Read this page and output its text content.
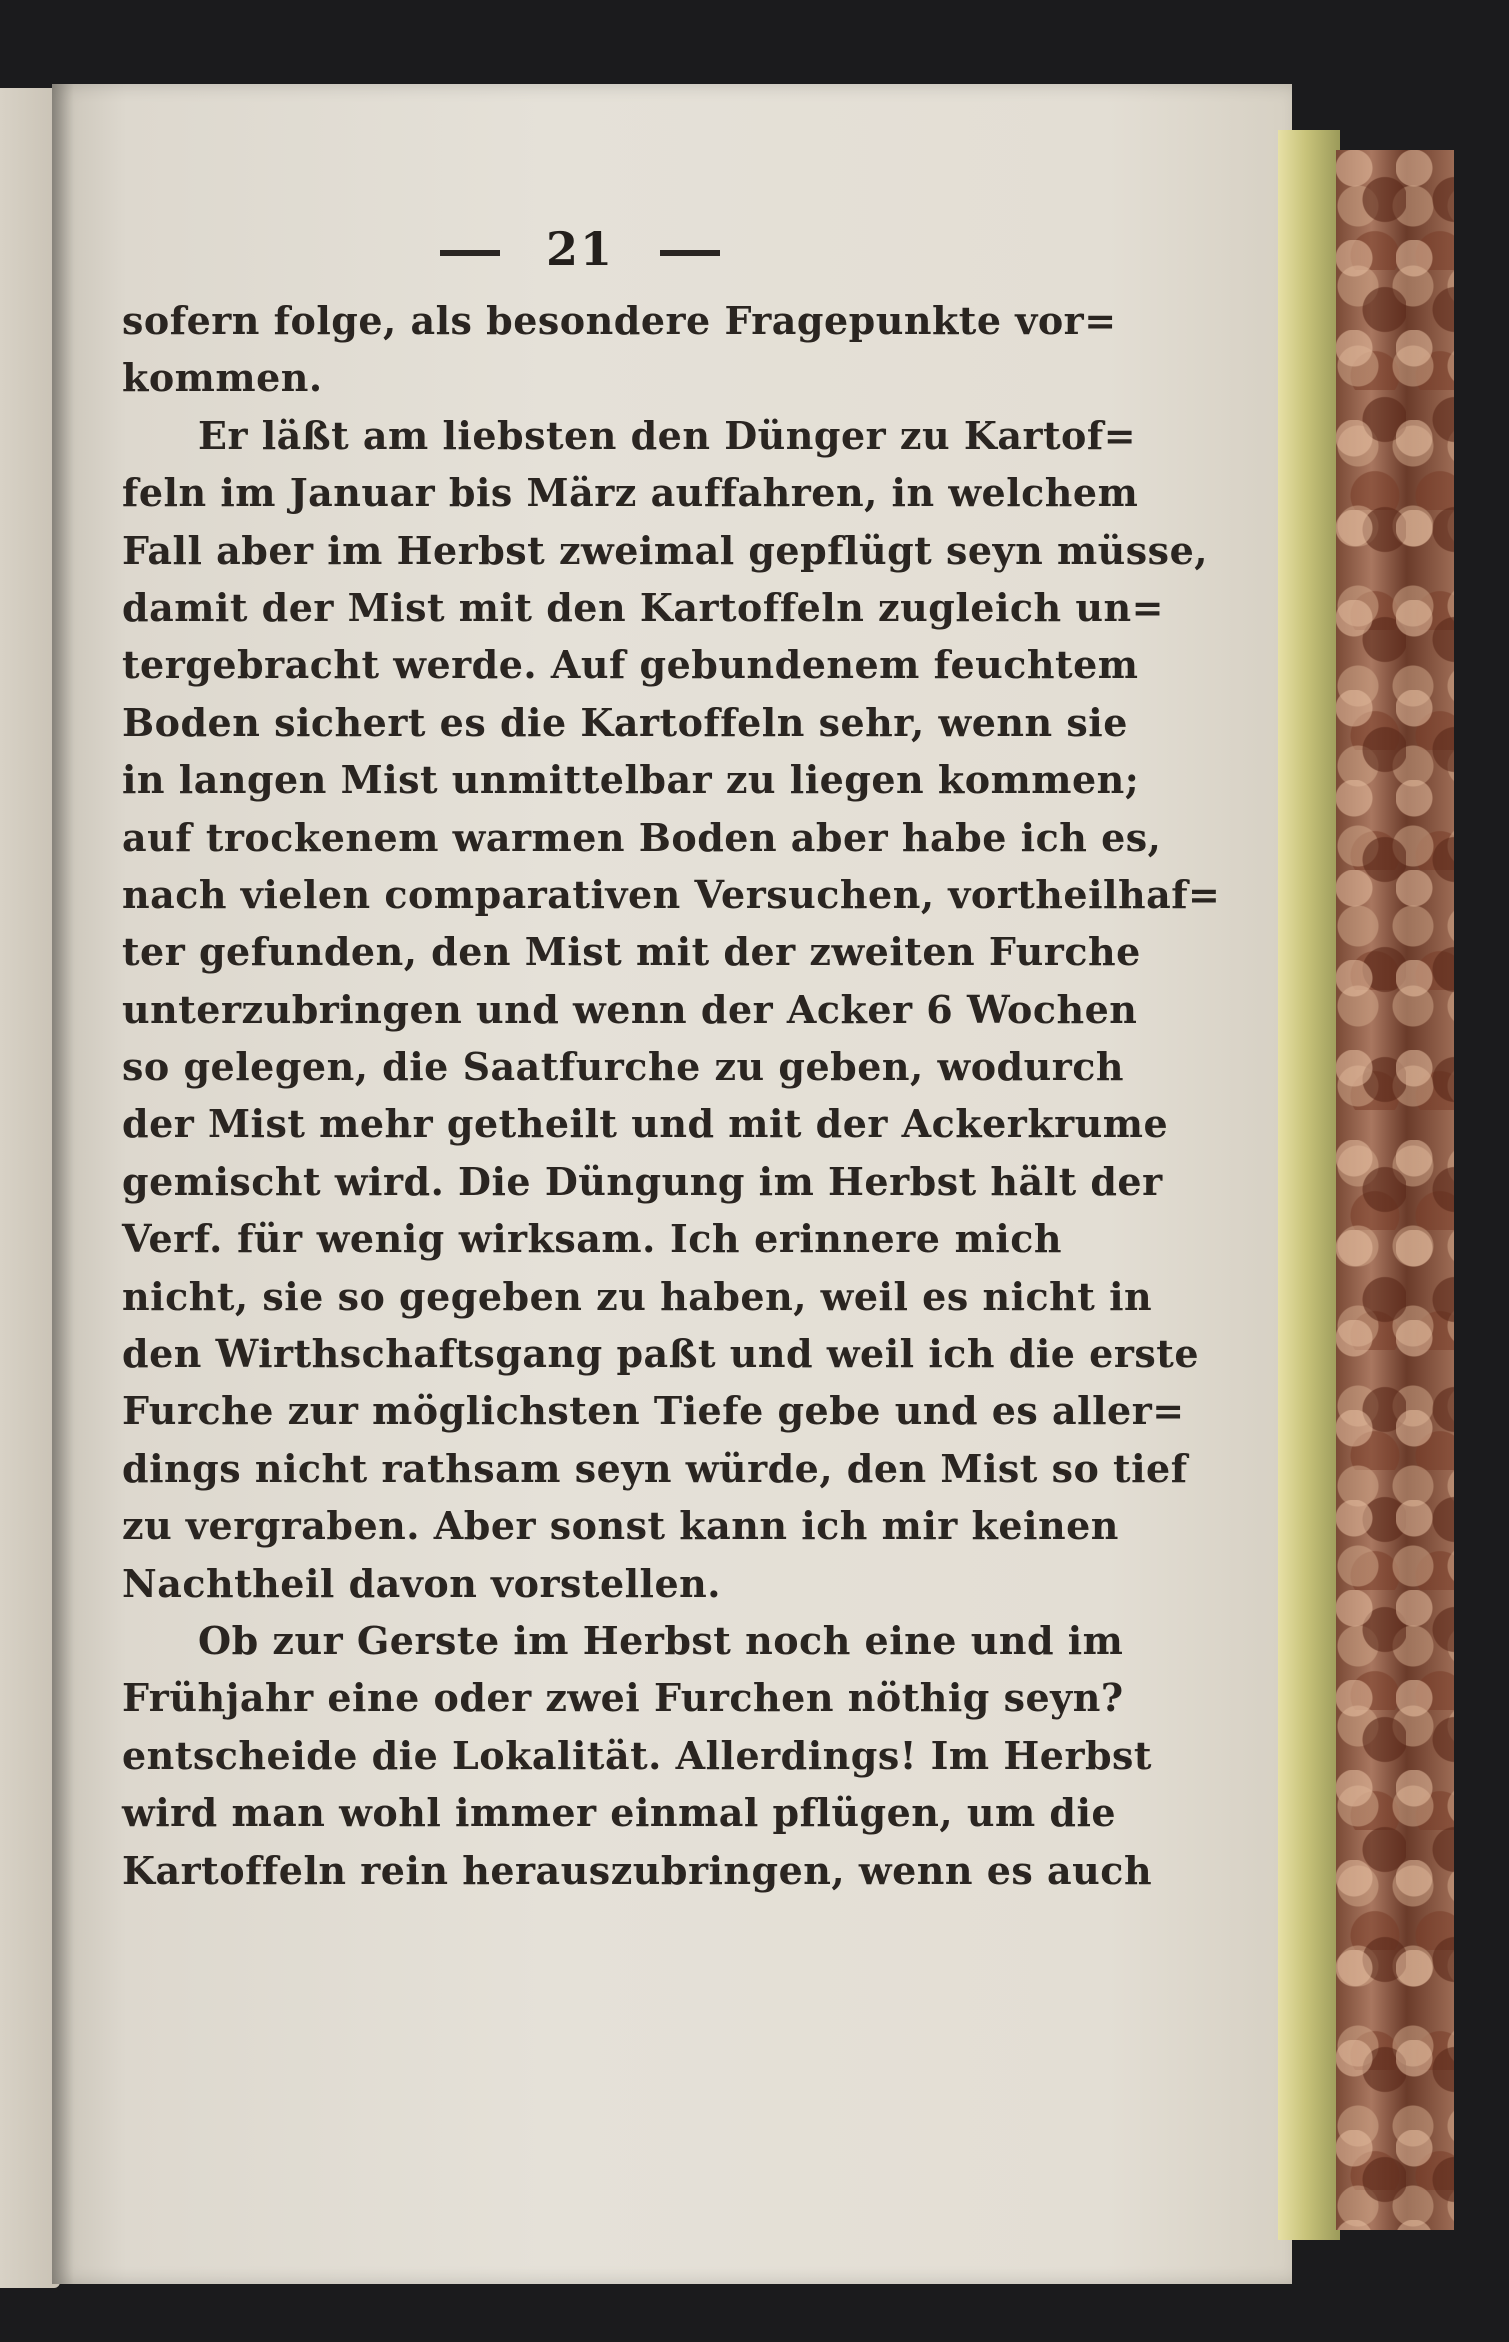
21
sofern folge, als besondere Fragepunkte vor=
kommen.
Er läßt am liebsten den Dünger zu Kartof=
feln im Januar bis März auffahren, in welchem
Fall aber im Herbst zweimal gepflügt seyn müsse,
damit der Mist mit den Kartoffeln zugleich un=
tergebracht werde. Auf gebundenem feuchtem
Boden sichert es die Kartoffeln sehr, wenn sie
in langen Mist unmittelbar zu liegen kommen;
auf trockenem warmen Boden aber habe ich es,
nach vielen comparativen Versuchen, vortheilhaf=
ter gefunden, den Mist mit der zweiten Furche
unterzubringen und wenn der Acker 6 Wochen
so gelegen, die Saatfurche zu geben, wodurch
der Mist mehr getheilt und mit der Ackerkrume
gemischt wird. Die Düngung im Herbst hält der
Verf. für wenig wirksam. Ich erinnere mich
nicht, sie so gegeben zu haben, weil es nicht in
den Wirthschaftsgang paßt und weil ich die erste
Furche zur möglichsten Tiefe gebe und es aller=
dings nicht rathsam seyn würde, den Mist so tief
zu vergraben. Aber sonst kann ich mir keinen
Nachtheil davon vorstellen.
Ob zur Gerste im Herbst noch eine und im
Frühjahr eine oder zwei Furchen nöthig seyn?
entscheide die Lokalität. Allerdings! Im Herbst
wird man wohl immer einmal pflügen, um die
Kartoffeln rein herauszubringen, wenn es auch
